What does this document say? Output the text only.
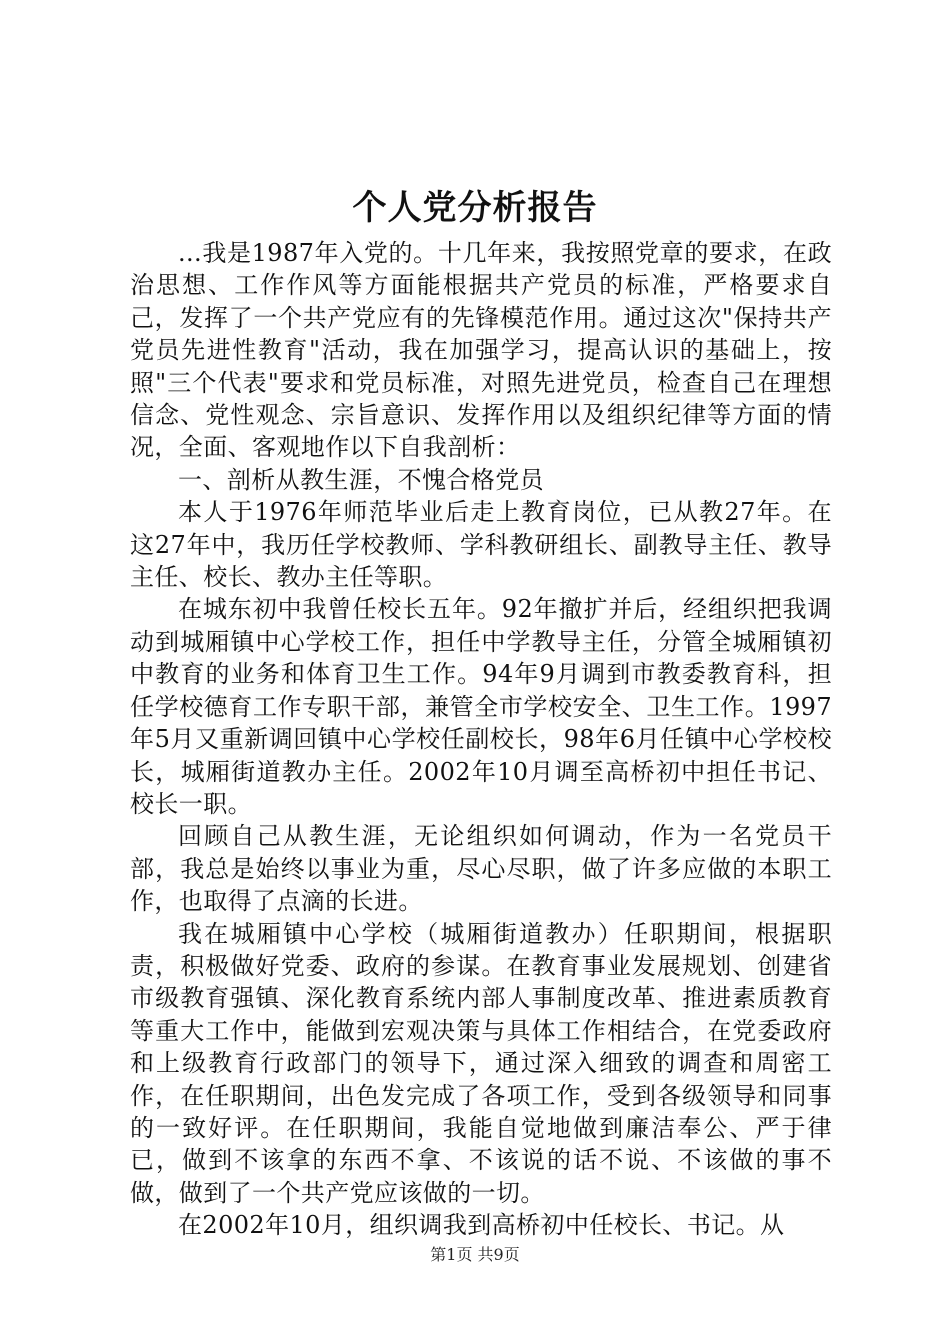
个人党分析报告

...我是1987年入党的。十几年来，我按照党章的要求，在政治思想、工作作风等方面能根据共产党员的标准，严格要求自己，发挥了一个共产党应有的先锋模范作用。通过这次"保持共产党员先进性教育"活动，我在加强学习，提高认识的基础上，按照"三个代表"要求和党员标准，对照先进党员，检查自己在理想信念、党性观念、宗旨意识、发挥作用以及组织纪律等方面的情况，全面、客观地作以下自我剖析：

一、剖析从教生涯，不愧合格党员

本人于1976年师范毕业后走上教育岗位，已从教27年。在这27年中，我历任学校教师、学科教研组长、副教导主任、教导主任、校长、教办主任等职。

在城东初中我曾任校长五年。92年撤扩并后，经组织把我调动到城厢镇中心学校工作，担任中学教导主任，分管全城厢镇初中教育的业务和体育卫生工作。94年9月调到市教委教育科，担任学校德育工作专职干部，兼管全市学校安全、卫生工作。1997年5月又重新调回镇中心学校任副校长，98年6月任镇中心学校校长，城厢街道教办主任。2002年10月调至高桥初中担任书记、校长一职。

回顾自己从教生涯，无论组织如何调动，作为一名党员干部，我总是始终以事业为重，尽心尽职，做了许多应做的本职工作，也取得了点滴的长进。

我在城厢镇中心学校（城厢街道教办）任职期间，根据职责，积极做好党委、政府的参谋。在教育事业发展规划、创建省市级教育强镇、深化教育系统内部人事制度改革、推进素质教育等重大工作中，能做到宏观决策与具体工作相结合，在党委政府和上级教育行政部门的领导下，通过深入细致的调查和周密工作，在任职期间，出色发完成了各项工作，受到各级领导和同事的一致好评。在任职期间，我能自觉地做到廉洁奉公、严于律已，做到不该拿的东西不拿、不该说的话不说、不该做的事不做，做到了一个共产党应该做的一切。

在2002年10月，组织调我到高桥初中任校长、书记。从

第1页 共9页
